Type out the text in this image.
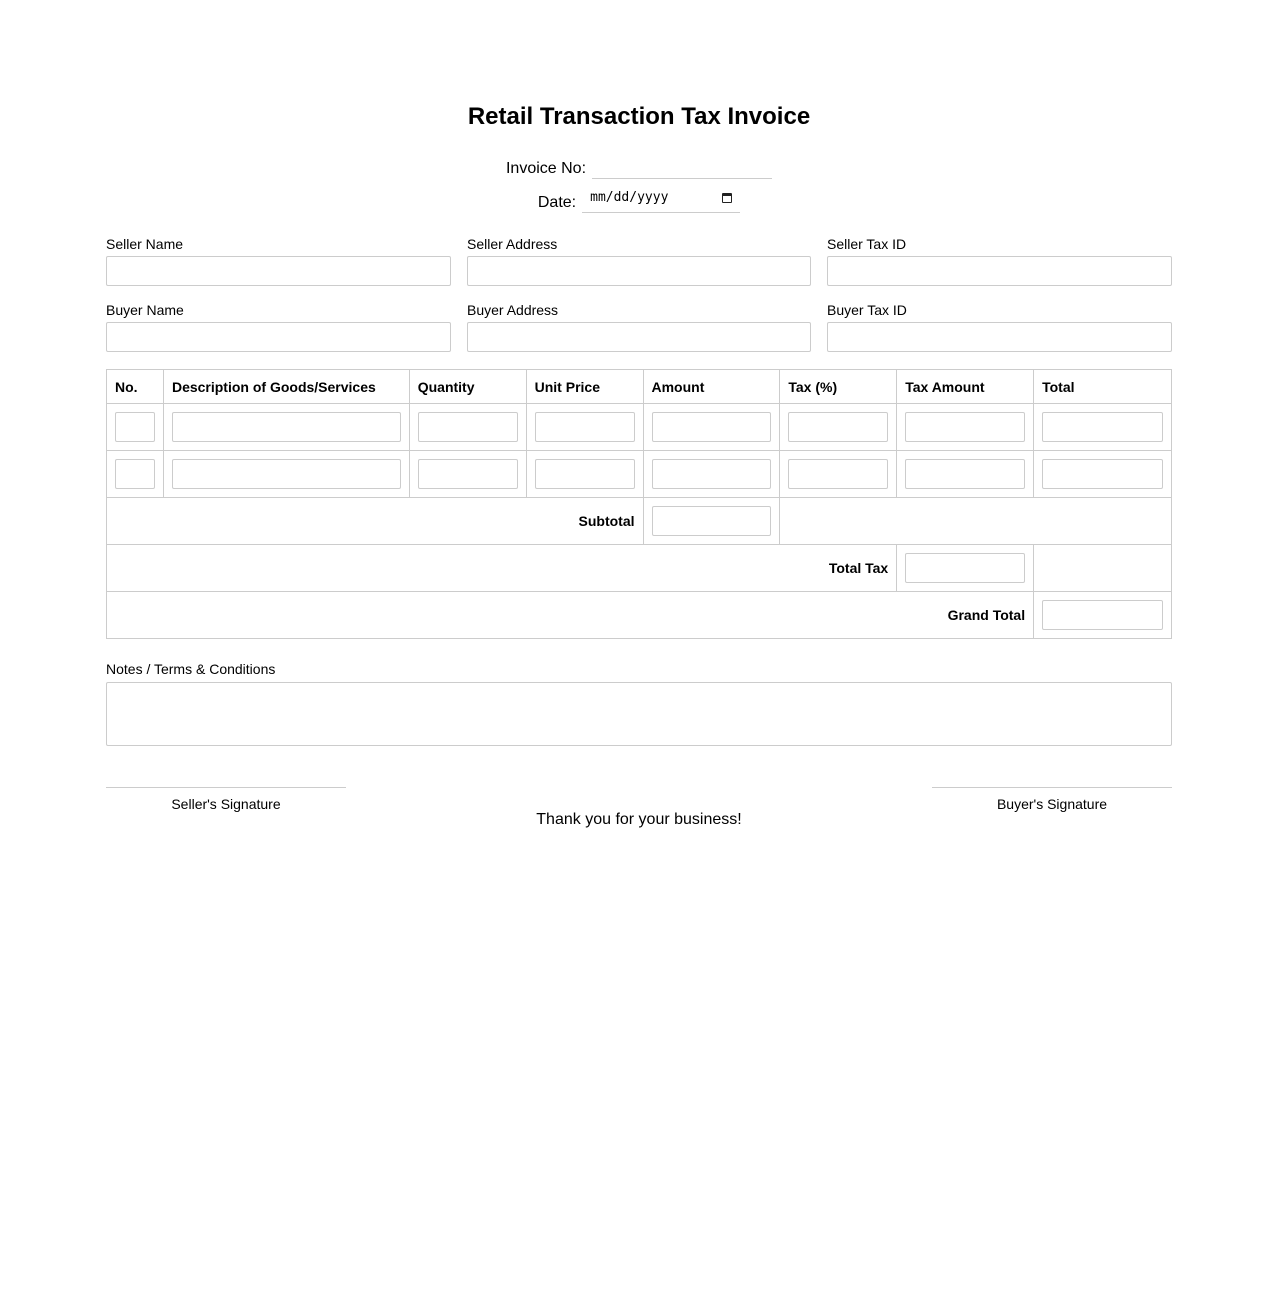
Retail Transaction Tax Invoice
Invoice No:
Date: mm/dd/yyyy
Seller Name	Seller Address	Seller Tax ID
Buyer Name	Buyer Address	Buyer Tax ID
No.	Description of Goods/Services	Quantity	Unit Price	Amount	Tax (%)	Tax Amount	Total

Subtotal		
Total Tax		
Grand Total	
Notes / Terms & Conditions
Seller's Signature	Buyer's Signature
Thank you for your business!
